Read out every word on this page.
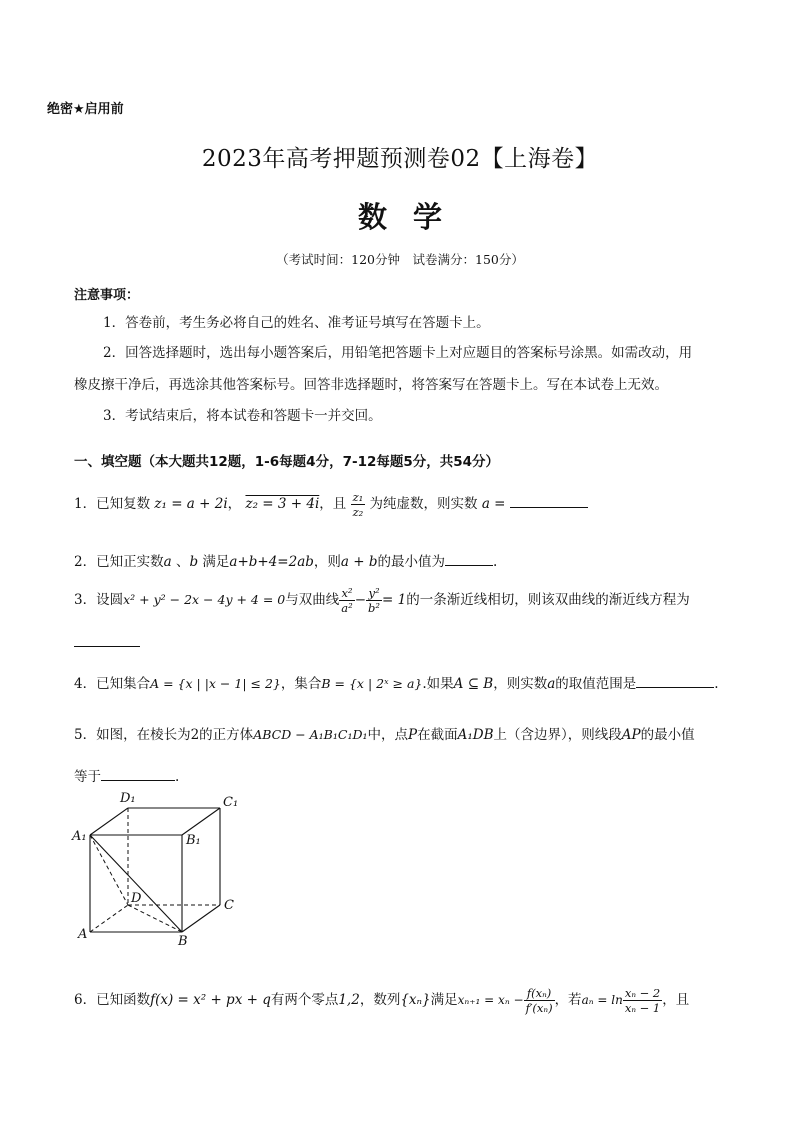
绝密★启用前
2023年高考押题预测卷02【上海卷】
数 学
（考试时间：120分钟　试卷满分：150分）
注意事项：
1．答卷前，考生务必将自己的姓名、准考证号填写在答题卡上。
2．回答选择题时，选出每小题答案后，用铅笔把答题卡上对应题目的答案标号涂黑。如需改动，用
橡皮擦干净后，再选涂其他答案标号。回答非选择题时，将答案写在答题卡上。写在本试卷上无效。
3．考试结束后，将本试卷和答题卡一并交回。
一、填空题（本大题共12题，1-6每题4分，7-12每题5分，共54分）
1．已知复数 z₁ = a + 2i， z₂ = 3 + 4i，且 $\frac{\text{z₁}}{\text{z₂}}$ 为纯虚数，则实数 a =
2．已知正实数a 、b 满足a+b+4=2ab，则a + b的最小值为	.
3．设圆x² + y² − 2x − 4y + 4 = 0与双曲线 $\frac{\text{x²}}{\text{a²}} - \frac{\text{y²}}{\text{b²}} = 1$的一条渐近线相切，则该双曲线的渐近线方程为
4．已知集合A = {x | |x − 1| ≤ 2}，集合B = {x | 2ˣ ≥ a}.如果A ⊆ B，则实数a的取值范围是	.
5．如图，在棱长为2的正方体ABCD − A₁B₁C₁D₁中，点P在截面A₁DB上（含边界），则线段AP的最小值
等于	.
D₁	C₁
A₁	B₁
D	C
A	B
6．已知函数f(x) = x² + px + q有两个零点1,2，数列{xₙ}满足$x_{n+1} = x_n - \frac{\text{f(xₙ)}}{\text{f′(xₙ)}}$ ，若$a_n = \ln \frac{\text{xₙ − 2}}{\text{xₙ − 1}}$ ，且
